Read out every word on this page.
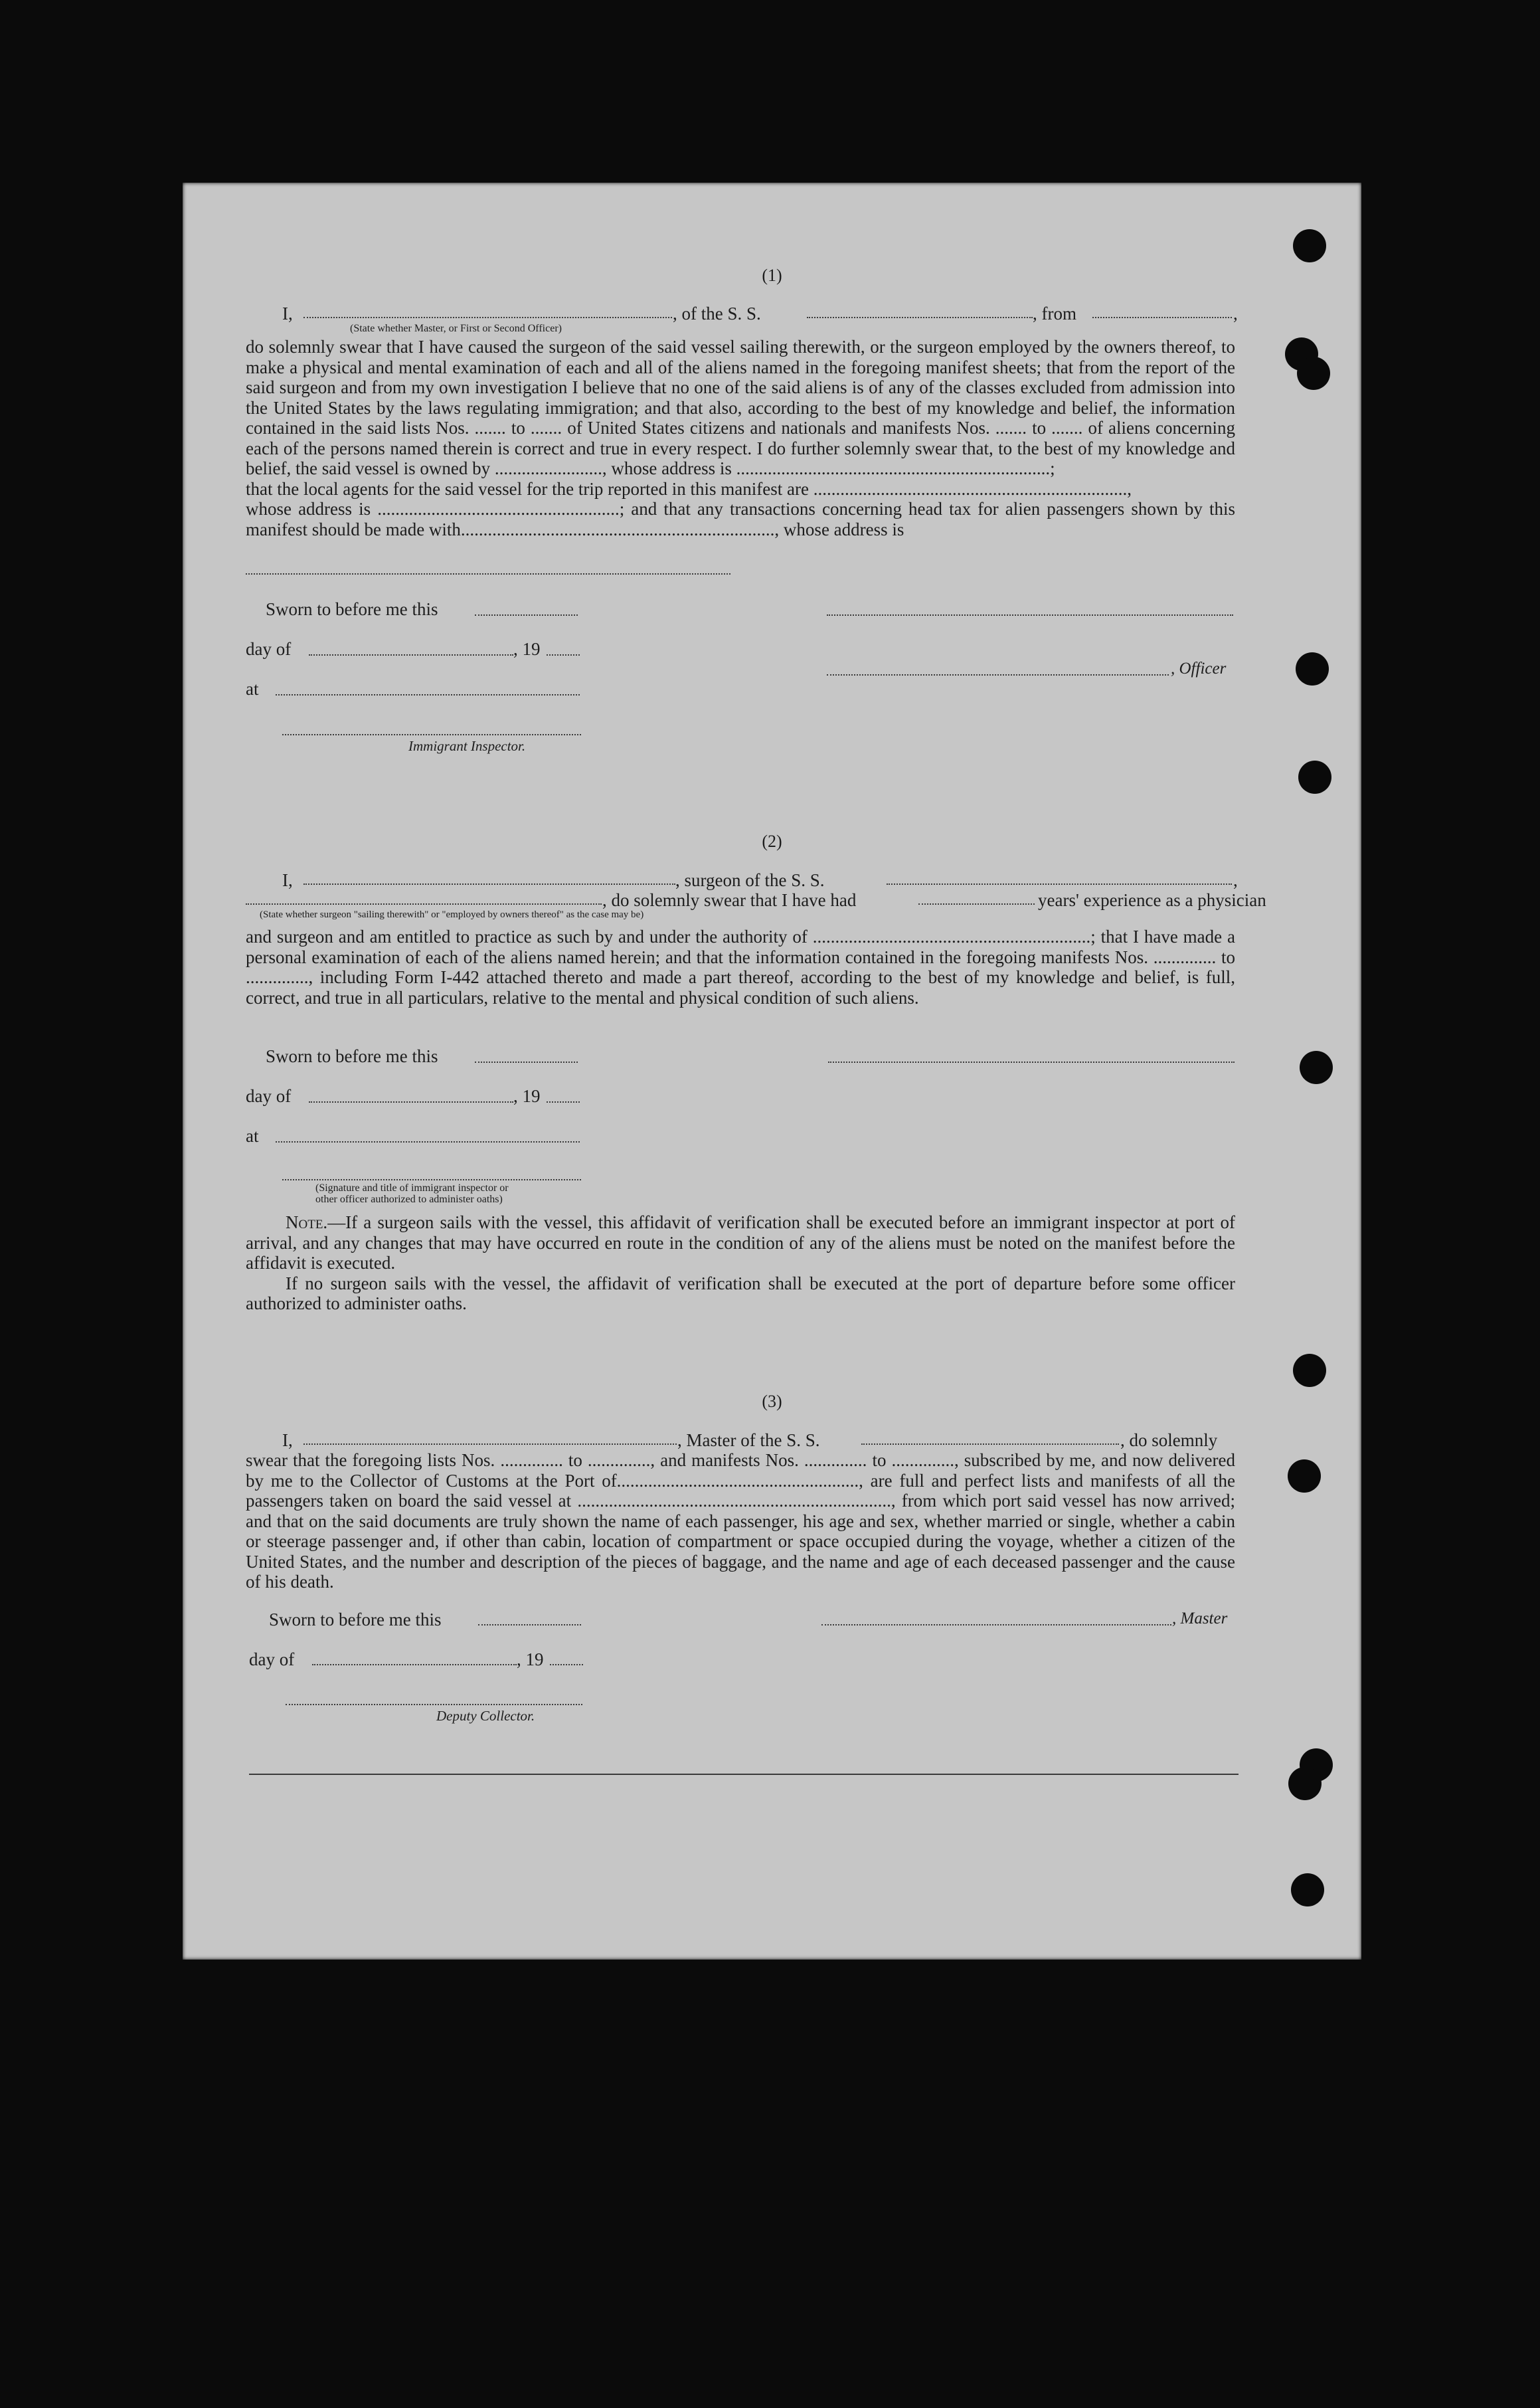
(1)
I,	, of the S. S.	, from	,
(State whether Master, or First or Second Officer)

do solemnly swear that I have caused the surgeon of the said vessel sailing therewith, or the surgeon employed by the owners thereof, to make a physical and mental examination of each and all of the aliens named in the foregoing manifest sheets; that from the report of the said surgeon and from my own investigation I believe that no one of the said aliens is of any of the classes excluded from admission into the United States by the laws regulating immigration; and that also, according to the best of my knowledge and belief, the information contained in the said lists Nos. ....... to ....... of United States citizens and nationals and manifests Nos. ....... to ....... of aliens concerning each of the persons named therein is correct and true in every respect. I do further solemnly swear that, to the best of my knowledge and belief, the said vessel is owned by ........................, whose address is ......................................................................;

that the local agents for the said vessel for the trip reported in this manifest are ......................................................................,

whose address is ......................................................; and that any transactions concerning head tax for alien passengers shown by this manifest should be made with......................................................................, whose address is

Sworn to before me this
day of	, 19
, Officer
at
Immigrant Inspector.
(2)
I,	, surgeon of the S. S.	,
, do solemnly swear that I have had	years' experience as a physician
(State whether surgeon "sailing therewith" or "employed by owners thereof" as the case may be)
and surgeon and am entitled to practice as such by and under the authority of ..............................................................; that I have made a personal examination of each of the aliens named herein; and that the information contained in the foregoing manifests Nos. .............. to .............., including Form I-442 attached thereto and made a part thereof, according to the best of my knowledge and belief, is full, correct, and true in all particulars, relative to the mental and physical condition of such aliens.
Sworn to before me this
day of	, 19
at
(Signature and title of immigrant inspector or
other officer authorized to administer oaths)

Note.—If a surgeon sails with the vessel, this affidavit of verification shall be executed before an immigrant inspector at port of arrival, and any changes that may have occurred en route in the condition of any of the aliens must be noted on the manifest before the affidavit is executed.

If no surgeon sails with the vessel, the affidavit of verification shall be executed at the port of departure before some officer authorized to administer oaths.

(3)
I,	, Master of the S. S.	, do solemnly
swear that the foregoing lists Nos. .............. to .............., and manifests Nos. .............. to .............., subscribed by me, and now delivered by me to the Collector of Customs at the Port of......................................................, are full and perfect lists and manifests of all the passengers taken on board the said vessel at ......................................................................, from which port said vessel has now arrived; and that on the said documents are truly shown the name of each passenger, his age and sex, whether married or single, whether a cabin or steerage passenger and, if other than cabin, location of compartment or space occupied during the voyage, whether a citizen of the United States, and the number and description of the pieces of baggage, and the name and age of each deceased passenger and the cause of his death.
Sworn to before me this	, Master
day of	, 19
Deputy Collector.
